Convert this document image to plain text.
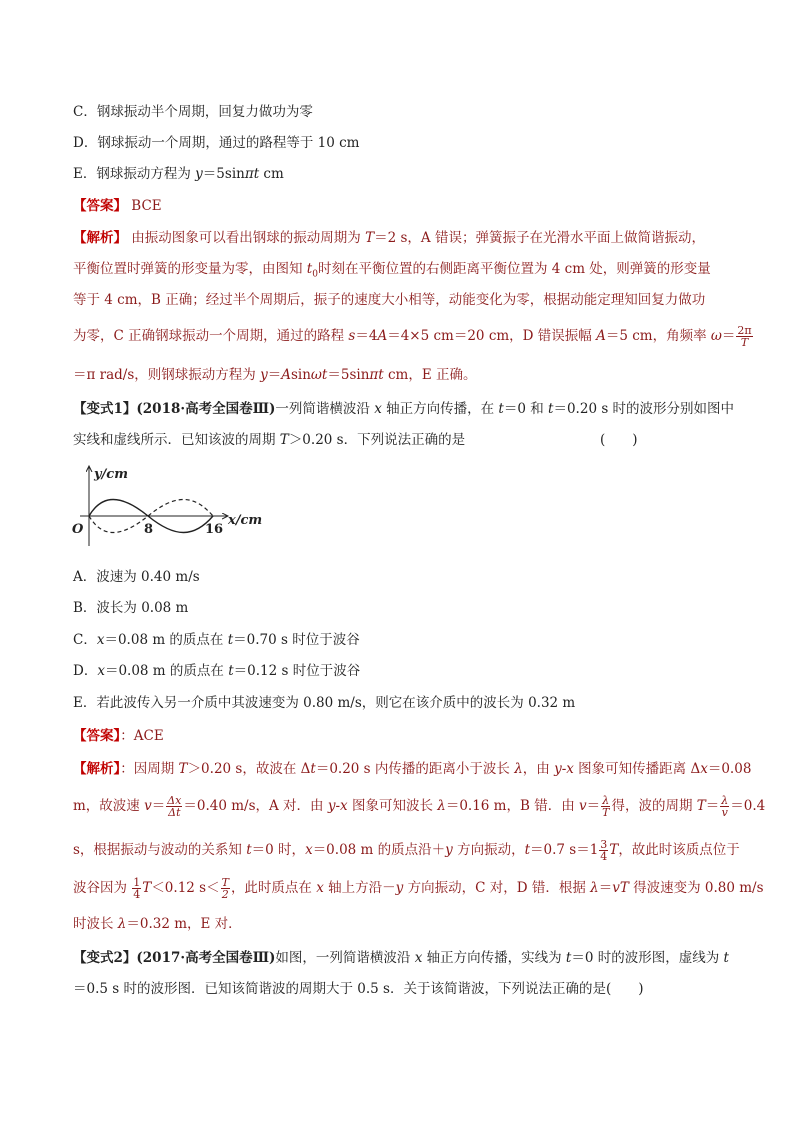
C．钢球振动半个周期，回复力做功为零
D．钢球振动一个周期，通过的路程等于 10 cm
E．钢球振动方程为 y＝5sinπt cm
【答案】 BCE
【解析】 由振动图象可以看出钢球的振动周期为 T＝2 s，A 错误；弹簧振子在光滑水平面上做简谐振动，
平衡位置时弹簧的形变量为零，由图知 $t_0$时刻在平衡位置的右侧距离平衡位置为 4 cm 处，则弹簧的形变量
等于 4 cm，B 正确；经过半个周期后，振子的速度大小相等，动能变化为零，根据动能定理知回复力做功
为零，C 正确钢球振动一个周期，通过的路程 s＝4A＝4×5 cm＝20 cm，D 错误振幅 A＝5 cm，角频率 $\omega= \frac{2\pi}{T}$
＝π rad/s，则钢球振动方程为 y＝Asinωt＝5sinπt cm，E 正确。
【变式1】(2018·高考全国卷Ⅲ)一列简谐横波沿 x 轴正方向传播，在 t＝0 和 t＝0.20 s 时的波形分别如图中
实线和虚线所示．已知该波的周期 T＞0.20 s．下列说法正确的是	(　　)
y/cm
x/cm
O	8	16
A．波速为 0.40 m/s
B．波长为 0.08 m
C．x＝0.08 m 的质点在 t＝0.70 s 时位于波谷
D．x＝0.08 m 的质点在 t＝0.12 s 时位于波谷
E．若此波传入另一介质中其波速变为 0.80 m/s，则它在该介质中的波长为 0.32 m
【答案】：ACE
【解析】：因周期 T＞0.20 s，故波在 Δt＝0.20 s 内传播的距离小于波长 λ，由 y-x 图象可知传播距离 Δx＝0.08
m，故波速 $v= \frac{\Delta x}{\Delta t} =0.40$ m/s，A 对．由 y-x 图象可知波长 λ＝0.16 m，B 错．由 $v= \frac{\lambda}{T}$ 得，波的周期 $T= \frac{\lambda}{v} =0.4$
s，根据振动与波动的关系知 t＝0 时，x＝0.08 m 的质点沿＋y 方向振动，t＝0.7 $s=1 \frac{3}{4}$ T，故此时该质点位于
波谷因为 $\frac{1}{4} T<0.12$ $s< \frac{T}{2}$ ，此时质点在 x 轴上方沿－y 方向振动，C 对，D 错．根据 λ＝vT 得波速变为 0.80 m/s
时波长 λ＝0.32 m，E 对．
【变式2】(2017·高考全国卷Ⅲ)如图，一列简谐横波沿 x 轴正方向传播，实线为 t＝0 时的波形图，虚线为 t
＝0.5 s 时的波形图．已知该简谐波的周期大于 0.5 s．关于该简谐波，下列说法正确的是(　　)
